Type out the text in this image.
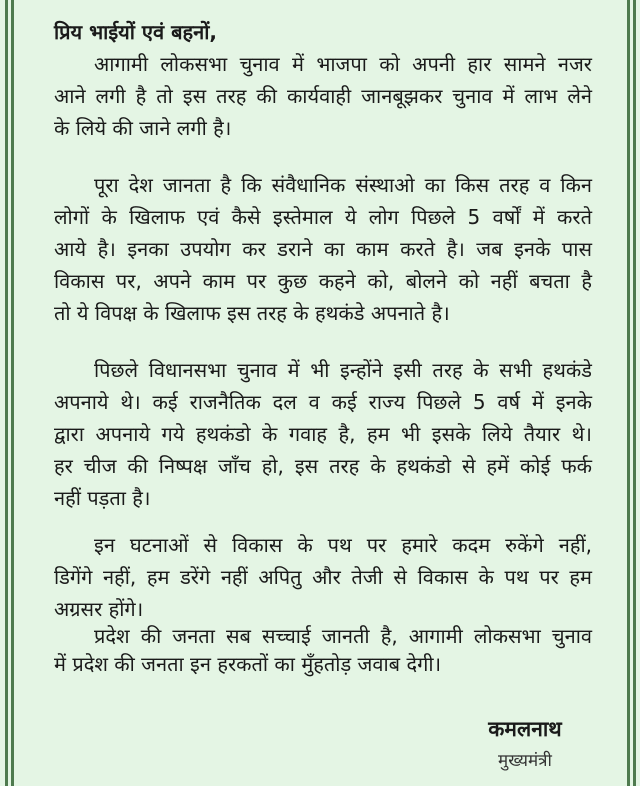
प्रिय भाईयों एवं बहनों,
आगामी लोकसभा चुनाव में भाजपा को अपनी हार सामने नजर
आने लगी है तो इस तरह की कार्यवाही जानबूझकर चुनाव में लाभ लेने
के लिये की जाने लगी है।
पूरा देश जानता है कि संवैधानिक संस्थाओ का किस तरह व किन
लोगों के खिलाफ एवं कैसे इस्तेमाल ये लोग पिछले 5 वर्षों में करते
आये है। इनका उपयोग कर डराने का काम करते है। जब इनके पास
विकास पर, अपने काम पर कुछ कहने को, बोलने को नहीं बचता है
तो ये विपक्ष के खिलाफ इस तरह के हथकंडे अपनाते है।
पिछले विधानसभा चुनाव में भी इन्होंने इसी तरह के सभी हथकंडे
अपनाये थे। कई राजनैतिक दल व कई राज्य पिछले 5 वर्ष में इनके
द्वारा अपनाये गये हथकंडो के गवाह है, हम भी इसके लिये तैयार थे।
हर चीज की निष्पक्ष जाँच हो, इस तरह के हथकंडो से हमें कोई फर्क
नहीं पड़ता है।
इन घटनाओं से विकास के पथ पर हमारे कदम रुकेंगे नहीं,
डिगेंगे नहीं, हम डरेंगे नहीं अपितु और तेजी से विकास के पथ पर हम
अग्रसर होंगे।
प्रदेश की जनता सब सच्चाई जानती है, आगामी लोकसभा चुनाव
में प्रदेश की जनता इन हरकतों का मुँहतोड़ जवाब देगी।
कमलनाथ
मुख्यमंत्री
